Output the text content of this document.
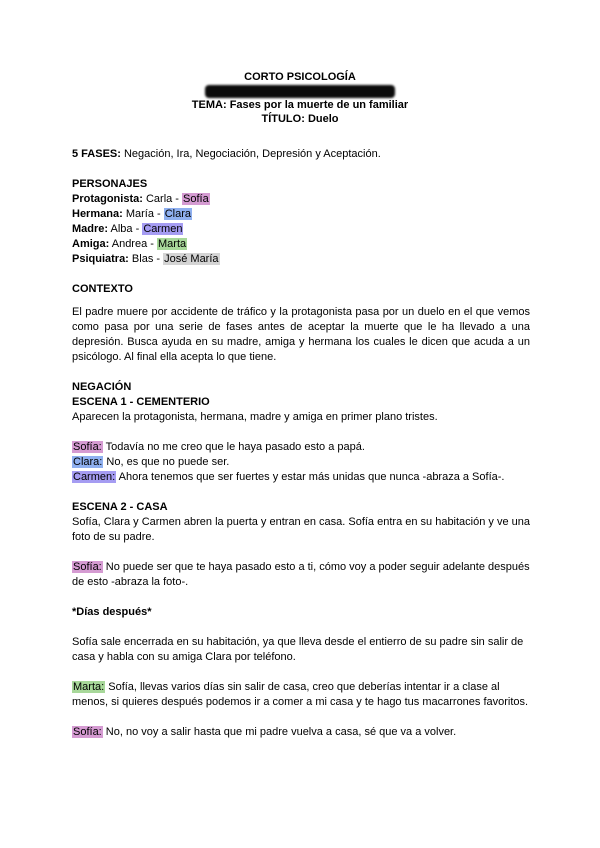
CORTO PSICOLOGÍA
TEMA: Fases por la muerte de un familiar
TÍTULO: Duelo

5 FASES: Negación, Ira, Negociación, Depresión y Aceptación.

PERSONAJES

Protagonista: Carla - Sofía

Hermana: María - Clara

Madre: Alba - Carmen

Amiga: Andrea - Marta

Psiquiatra: Blas - José María

CONTEXTO

El padre muere por accidente de tráfico y la protagonista pasa por un duelo en el que vemos como pasa por una serie de fases antes de aceptar la muerte que le ha llevado a una depresión. Busca ayuda en su madre, amiga y hermana los cuales le dicen que acuda a un psicólogo. Al final ella acepta lo que tiene.

NEGACIÓN

ESCENA 1 - CEMENTERIO

Aparecen la protagonista, hermana, madre y amiga en primer plano tristes.

Sofía: Todavía no me creo que le haya pasado esto a papá.

Clara: No, es que no puede ser.

Carmen: Ahora tenemos que ser fuertes y estar más unidas que nunca -abraza a Sofía-.

ESCENA 2 - CASA

Sofía, Clara y Carmen abren la puerta y entran en casa. Sofía entra en su habitación y ve una foto de su padre.

Sofía: No puede ser que te haya pasado esto a ti, cómo voy a poder seguir adelante después de esto -abraza la foto-.

*Días después*

Sofía sale encerrada en su habitación, ya que lleva desde el entierro de su padre sin salir de casa y habla con su amiga Clara por teléfono.

Marta: Sofía, llevas varios días sin salir de casa, creo que deberías intentar ir a clase al menos, si quieres después podemos ir a comer a mi casa y te hago tus macarrones favoritos.

Sofía: No, no voy a salir hasta que mi padre vuelva a casa, sé que va a volver.
